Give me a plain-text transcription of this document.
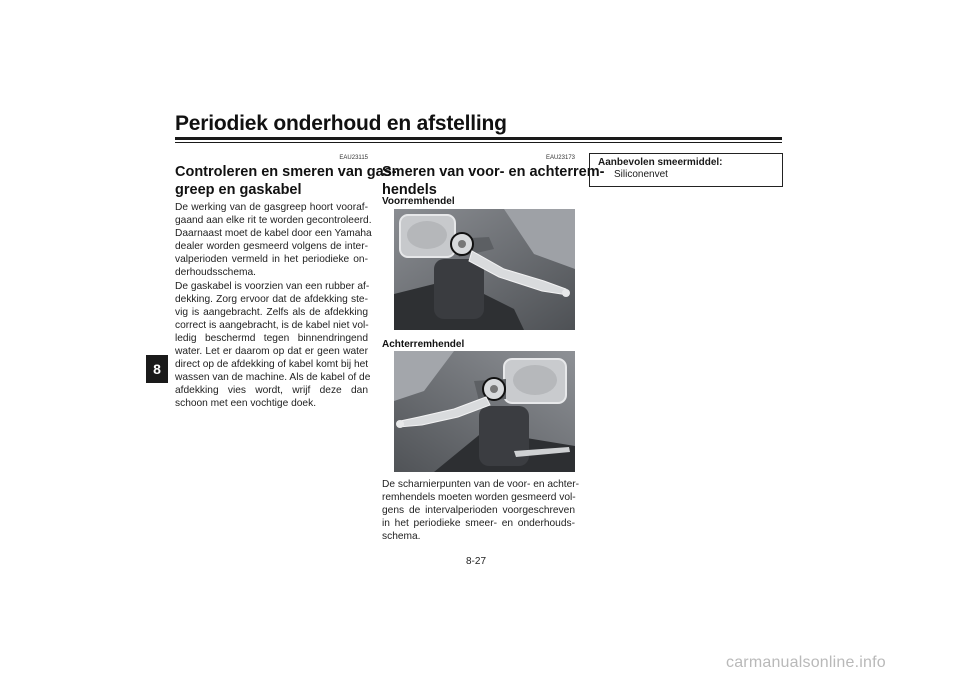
Periodiek onderhoud en afstelling
8
EAU23115
Controleren en smeren van gas-
greep en gaskabel
De werking van de gasgreep hoort vooraf-
gaand aan elke rit te worden gecontroleerd.
Daarnaast moet de kabel door een Yamaha
dealer worden gesmeerd volgens de inter-
valperioden vermeld in het periodieke on-
derhoudsschema.
De gaskabel is voorzien van een rubber af-
dekking. Zorg ervoor dat de afdekking ste-
vig is aangebracht. Zelfs als de afdekking
correct is aangebracht, is de kabel niet vol-
ledig beschermd tegen binnendringend
water. Let er daarom op dat er geen water
direct op de afdekking of kabel komt bij het
wassen van de machine. Als de kabel of de
afdekking vies wordt, wrijf deze dan
schoon met een vochtige doek.
EAU23173
Smeren van voor- en achterrem-
hendels
Voorremhendel
Achterremhendel
De scharnierpunten van de voor- en achter-
remhendels moeten worden gesmeerd vol-
gens de intervalperioden voorgeschreven
in het periodieke smeer- en onderhouds-
schema.
Aanbevolen smeermiddel:
Siliconenvet
8-27
carmanualsonline.info
